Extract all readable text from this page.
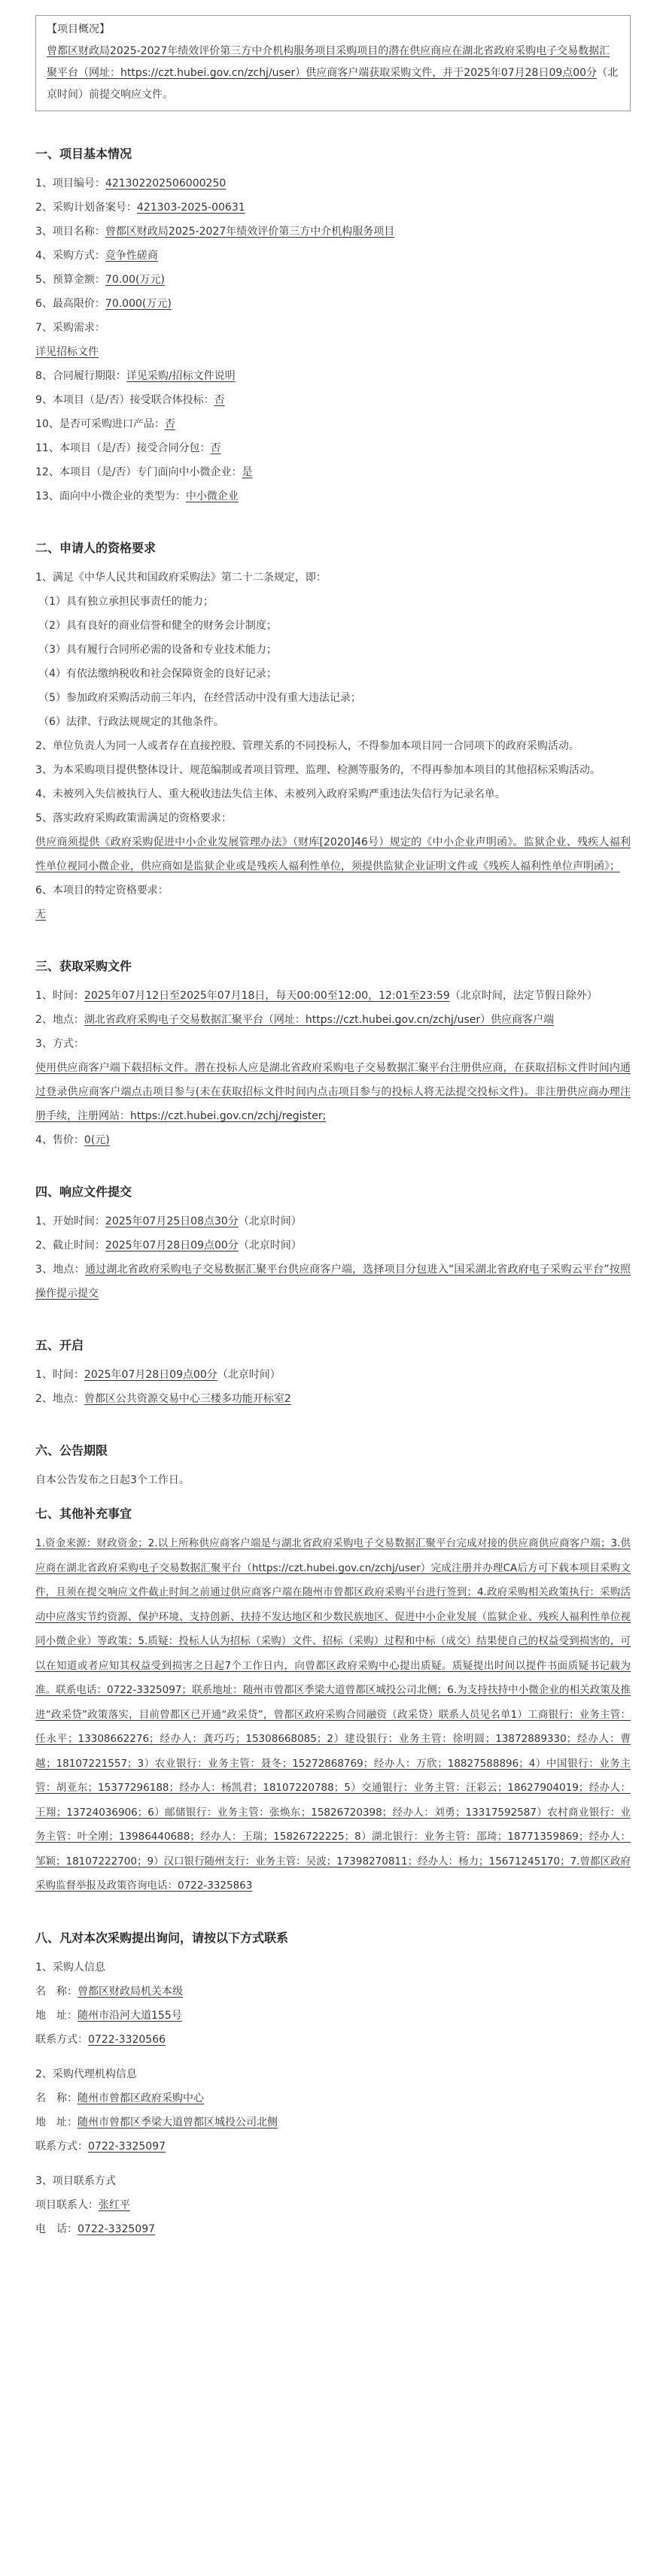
【项目概况】

曾都区财政局2025-2027年绩效评价第三方中介机构服务项目采购项目的潜在供应商应在湖北省政府采购电子交易数据汇聚平台（网址：https://czt.hubei.gov.cn/zchj/user）供应商客户端获取采购文件，并于2025年07月28日09点00分（北京时间）前提交响应文件。

一、项目基本情况

1、项目编号：421302202506000250

2、采购计划备案号：421303-2025-00631

3、项目名称：曾都区财政局2025-2027年绩效评价第三方中介机构服务项目

4、采购方式：竞争性磋商

5、预算金额：70.00(万元)

6、最高限价：70.000(万元)

7、采购需求：

详见招标文件

8、合同履行期限：详见采购/招标文件说明

9、本项目（是/否）接受联合体投标：否

10、是否可采购进口产品：否

11、本项目（是/否）接受合同分包：否

12、本项目（是/否）专门面向中小微企业：是

13、面向中小微企业的类型为：中小微企业

二、申请人的资格要求

1、满足《中华人民共和国政府采购法》第二十二条规定，即：

（1）具有独立承担民事责任的能力；

（2）具有良好的商业信誉和健全的财务会计制度；

（3）具有履行合同所必需的设备和专业技术能力；

（4）有依法缴纳税收和社会保障资金的良好记录；

（5）参加政府采购活动前三年内，在经营活动中没有重大违法记录；

（6）法律、行政法规规定的其他条件。

2、单位负责人为同一人或者存在直接控股、管理关系的不同投标人，不得参加本项目同一合同项下的政府采购活动。

3、为本采购项目提供整体设计、规范编制或者项目管理、监理、检测等服务的，不得再参加本项目的其他招标采购活动。

4、未被列入失信被执行人、重大税收违法失信主体、未被列入政府采购严重违法失信行为记录名单。

5、落实政府采购政策需满足的资格要求：

供应商须提供《政府采购促进中小企业发展管理办法》（财库[2020]46号）规定的《中小企业声明函》。监狱企业、残疾人福利性单位视同小微企业，供应商如是监狱企业或是残疾人福利性单位，须提供监狱企业证明文件或《残疾人福利性单位声明函》；

6、本项目的特定资格要求：

无

三、获取采购文件

1、时间：2025年07月12日至2025年07月18日，每天00:00至12:00，12:01至23:59（北京时间，法定节假日除外）

2、地点：湖北省政府采购电子交易数据汇聚平台（网址：https://czt.hubei.gov.cn/zchj/user）供应商客户端

3、方式：

使用供应商客户端下载招标文件。潜在投标人应是湖北省政府采购电子交易数据汇聚平台注册供应商，在获取招标文件时间内通过登录供应商客户端点击项目参与(未在获取招标文件时间内点击项目参与的投标人将无法提交投标文件)。非注册供应商办理注册手续，注册网站：https://czt.hubei.gov.cn/zchj/register;

4、售价：0(元)

四、响应文件提交

1、开始时间：2025年07月25日08点30分（北京时间）

2、截止时间：2025年07月28日09点00分（北京时间）

3、地点：通过湖北省政府采购电子交易数据汇聚平台供应商客户端，选择项目分包进入“国采湖北省政府电子采购云平台”按照操作提示提交

五、开启

1、时间：2025年07月28日09点00分（北京时间）

2、地点：曾都区公共资源交易中心三楼多功能开标室2

六、公告期限

自本公告发布之日起3个工作日。

七、其他补充事宜

1.资金来源：财政资金；2.以上所称供应商客户端是与湖北省政府采购电子交易数据汇聚平台完成对接的供应商供应商客户端；3.供应商在湖北省政府采购电子交易数据汇聚平台（https://czt.hubei.gov.cn/zchj/user）完成注册并办理CA后方可下载本项目采购文件，且须在提交响应文件截止时间之前通过供应商客户端在随州市曾都区政府采购平台进行签到；4.政府采购相关政策执行：采购活动中应落实节约资源、保护环境、支持创新、扶持不发达地区和少数民族地区、促进中小企业发展（监狱企业、残疾人福利性单位视同小微企业）等政策；5.质疑：投标人认为招标（采购）文件、招标（采购）过程和中标（成交）结果使自己的权益受到损害的，可以在知道或者应知其权益受到损害之日起7个工作日内，向曾都区政府采购中心提出质疑。质疑提出时间以提件书面质疑书记载为准。联系电话：0722-3325097；联系地址：随州市曾都区季梁大道曾都区城投公司北侧；6.为支持扶持中小微企业的相关政策及推进“政采贷”政策落实，目前曾都区已开通“政采贷”，曾都区政府采购合同融资（政采贷）联系人员见名单1）工商银行：业务主管：任永平；13308662276；经办人：龚巧巧；15308668085；2）建设银行：业务主管：徐明圆；13872889330；经办人：曹越；18107221557；3）农业银行：业务主管：聂冬；15272868769；经办人：万欣；18827588896；4）中国银行：业务主管：胡亚东；15377296188；经办人：杨凯君；18107220788；5）交通银行：业务主管：汪彩云；18627904019；经办人：王翔；13724036906；6）邮储银行：业务主管：张焕东；15826720398；经办人：刘勇；13317592587）农村商业银行：业务主管：叶全刚；13986440688；经办人：王瑞；15826722225；8）湖北银行：业务主管：邵琦；18771359869；经办人：邹颖；18107222700；9）汉口银行随州支行：业务主管：吴波；17398270811；经办人：杨力；15671245170；7.曾都区政府采购监督举报及政策咨询电话：0722-3325863

八、凡对本次采购提出询问，请按以下方式联系

1、采购人信息

名　称：曾都区财政局机关本级

地　址：随州市沿河大道155号

联系方式：0722-3320566

2、采购代理机构信息

名　称：随州市曾都区政府采购中心

地　址：随州市曾都区季梁大道曾都区城投公司北侧

联系方式：0722-3325097

3、项目联系方式

项目联系人：张红平

电　话：0722-3325097
